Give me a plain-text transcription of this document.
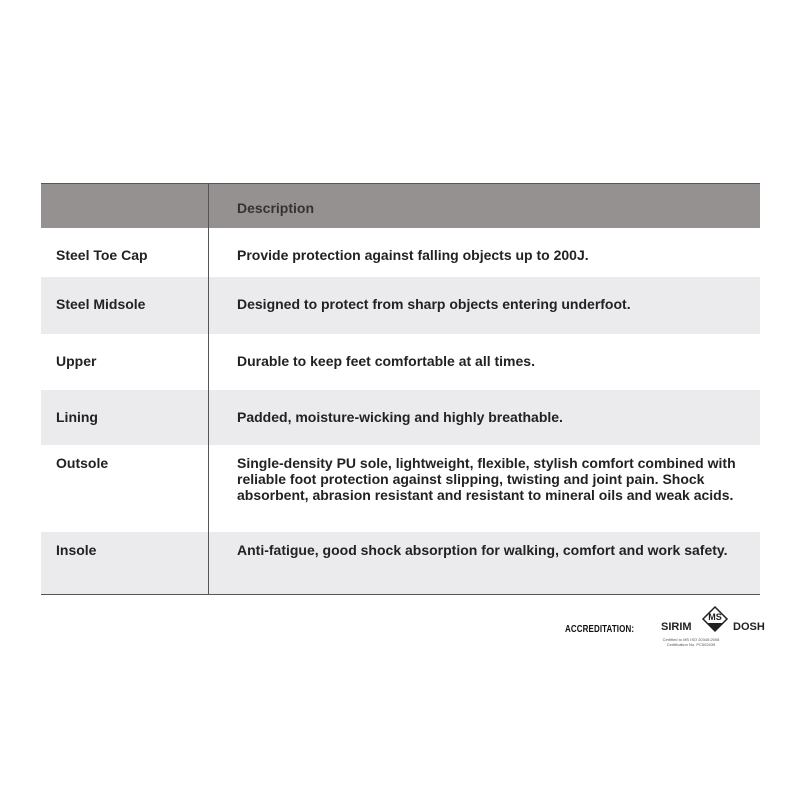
Description
Steel Toe Cap	Provide protection against falling objects up to 200J.
Steel Midsole	Designed to protect from sharp objects entering underfoot.
Upper	Durable to keep feet comfortable at all times.
Lining	Padded, moisture-wicking and highly breathable.
Outsole	Single-density PU sole, lightweight, flexible, stylish comfort combined with reliable foot protection against slipping, twisting and joint pain. Shock absorbent, abrasion resistant and resistant to mineral oils and weak acids.
Insole	Anti-fatigue, good shock absorption for walking, comfort and work safety.
ACCREDITATION: SIRIM
MS
DOSH
Certified to MS ISO 20345:2008
Certification No. PC002439
